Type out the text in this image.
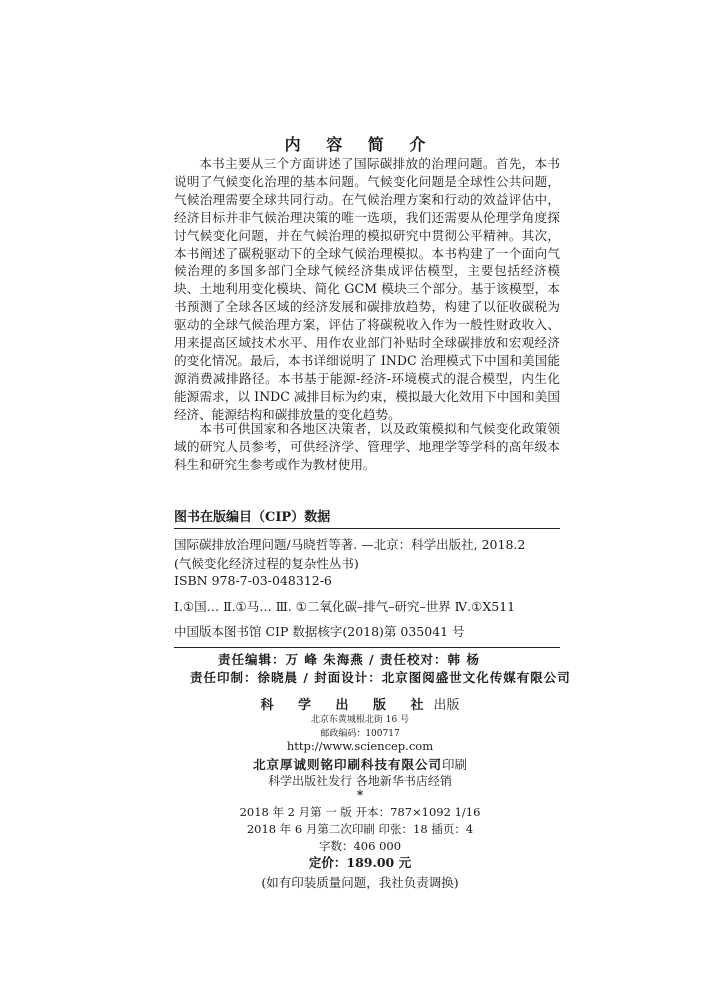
内 容 简 介

本书主要从三个方面讲述了国际碳排放的治理问题。首先，本书说明了气候变化治理的基本问题。气候变化问题是全球性公共问题，气候治理需要全球共同行动。在气候治理方案和行动的效益评估中，经济目标并非气候治理决策的唯一选项，我们还需要从伦理学角度探讨气候变化问题，并在气候治理的模拟研究中贯彻公平精神。其次，本书阐述了碳税驱动下的全球气候治理模拟。本书构建了一个面向气候治理的多国多部门全球气候经济集成评估模型，主要包括经济模块、土地利用变化模块、简化 GCM 模块三个部分。基于该模型，本书预测了全球各区域的经济发展和碳排放趋势，构建了以征收碳税为驱动的全球气候治理方案，评估了将碳税收入作为一般性财政收入、用来提高区域技术水平、用作农业部门补贴时全球碳排放和宏观经济的变化情况。最后，本书详细说明了 INDC 治理模式下中国和美国能源消费减排路径。本书基于能源-经济-环境模式的混合模型，内生化能源需求，以 INDC 减排目标为约束，模拟最大化效用下中国和美国经济、能源结构和碳排放量的变化趋势。

本书可供国家和各地区决策者，以及政策模拟和气候变化政策领域的研究人员参考，可供经济学、管理学、地理学等学科的高年级本科生和研究生参考或作为教材使用。

图书在版编目（CIP）数据
国际碳排放治理问题/马晓哲等著. —北京：科学出版社, 2018.2
(气候变化经济过程的复杂性丛书)
ISBN 978-7-03-048312-6
Ⅰ.①国… Ⅱ.①马… Ⅲ. ①二氧化碳–排气–研究–世界 Ⅳ.①X511
中国版本图书馆 CIP 数据核字(2018)第 035041 号
责任编辑：万 峰 朱海燕 / 责任校对：韩 杨
责任印制：徐晓晨 / 封面设计：北京图阅盛世文化传媒有限公司
科 学 出 版 社出版
北京东黄城根北街 16 号
邮政编码：100717
http://www.sciencep.com
北京厚诚则铭印刷科技有限公司印刷
科学出版社发行 各地新华书店经销
*
2018 年 2 月第 一 版 开本：787×1092 1/16
2018 年 6 月第二次印刷 印张：18 插页：4
字数：406 000
定价：189.00 元
(如有印装质量问题，我社负责调换)
